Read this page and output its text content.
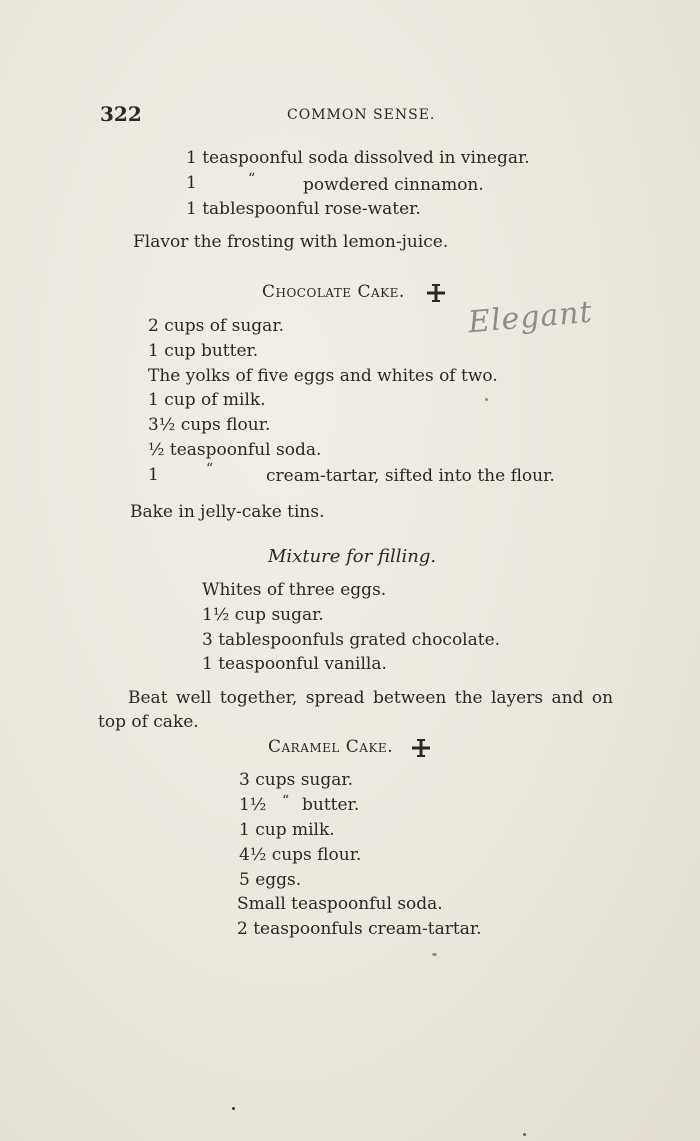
322	COMMON SENSE.
1 teaspoonful soda dissolved in vinegar.
1	“	powdered cinnamon.
1 tablespoonful rose-water.
Flavor the frosting with lemon-juice.
Chocolate Cake.
Elegant
2 cups of sugar.
1 cup butter.
The yolks of five eggs and whites of two.
1 cup of milk.
3½ cups flour.
½ teaspoonful soda.
1	“	cream-tartar, sifted into the flour.
Bake in jelly-cake tins.
Mixture for filling.
Whites of three eggs.
1½ cup sugar.
3 tablespoonfuls grated chocolate.
1 teaspoonful vanilla.
Beat well together, spread between the layers and on
top of cake.
Caramel Cake.
3 cups sugar.
1½ “ butter.
1 cup milk.
4½ cups flour.
5 eggs.
Small teaspoonful soda.
2 teaspoonfuls cream-tartar.
